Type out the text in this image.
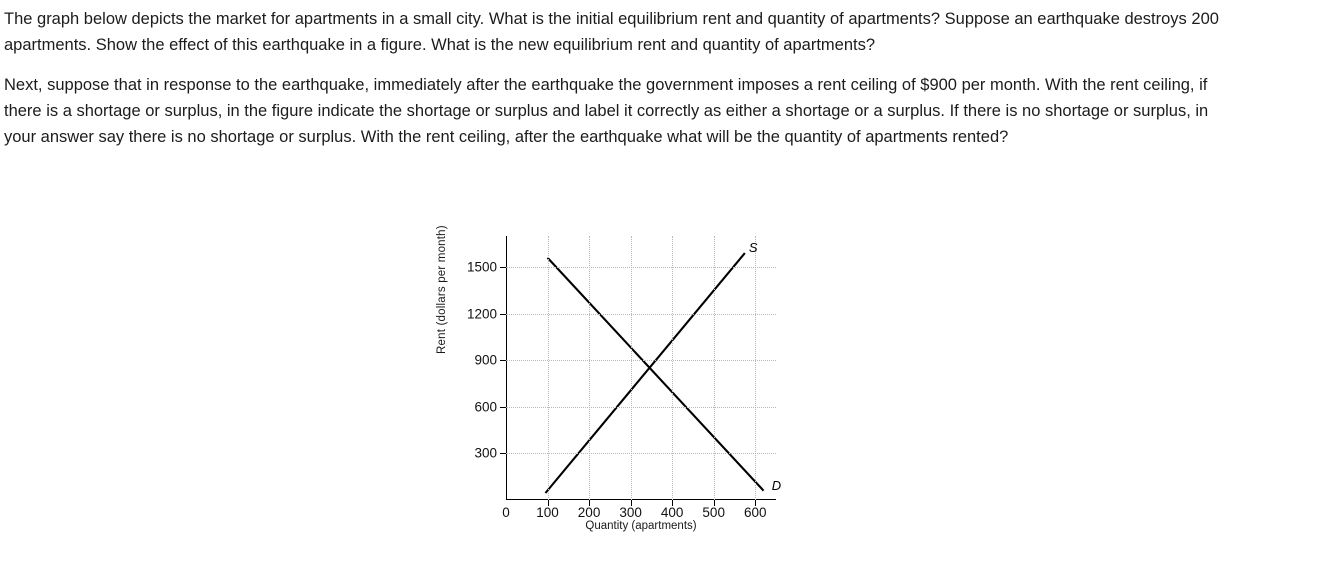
The graph below depicts the market for apartments in a small city. What is the initial equilibrium rent and quantity of apartments? Suppose an earthquake destroys 200 apartments. Show the effect of this earthquake in a figure. What is the new equilibrium rent and quantity of apartments?

Next, suppose that in response to the earthquake, immediately after the earthquake the government imposes a rent ceiling of $900 per month. With the rent ceiling, if there is a shortage or surplus, in the figure indicate the shortage or surplus and label it correctly as either a shortage or a surplus. If there is no shortage or surplus, in your answer say there is no shortage or surplus. With the rent ceiling, after the earthquake what will be the quantity of apartments rented?

Rent (dollars per month)
300
600
900
1200
1500
0 100 200 300 400 500 600
S
D
Quantity (apartments)
